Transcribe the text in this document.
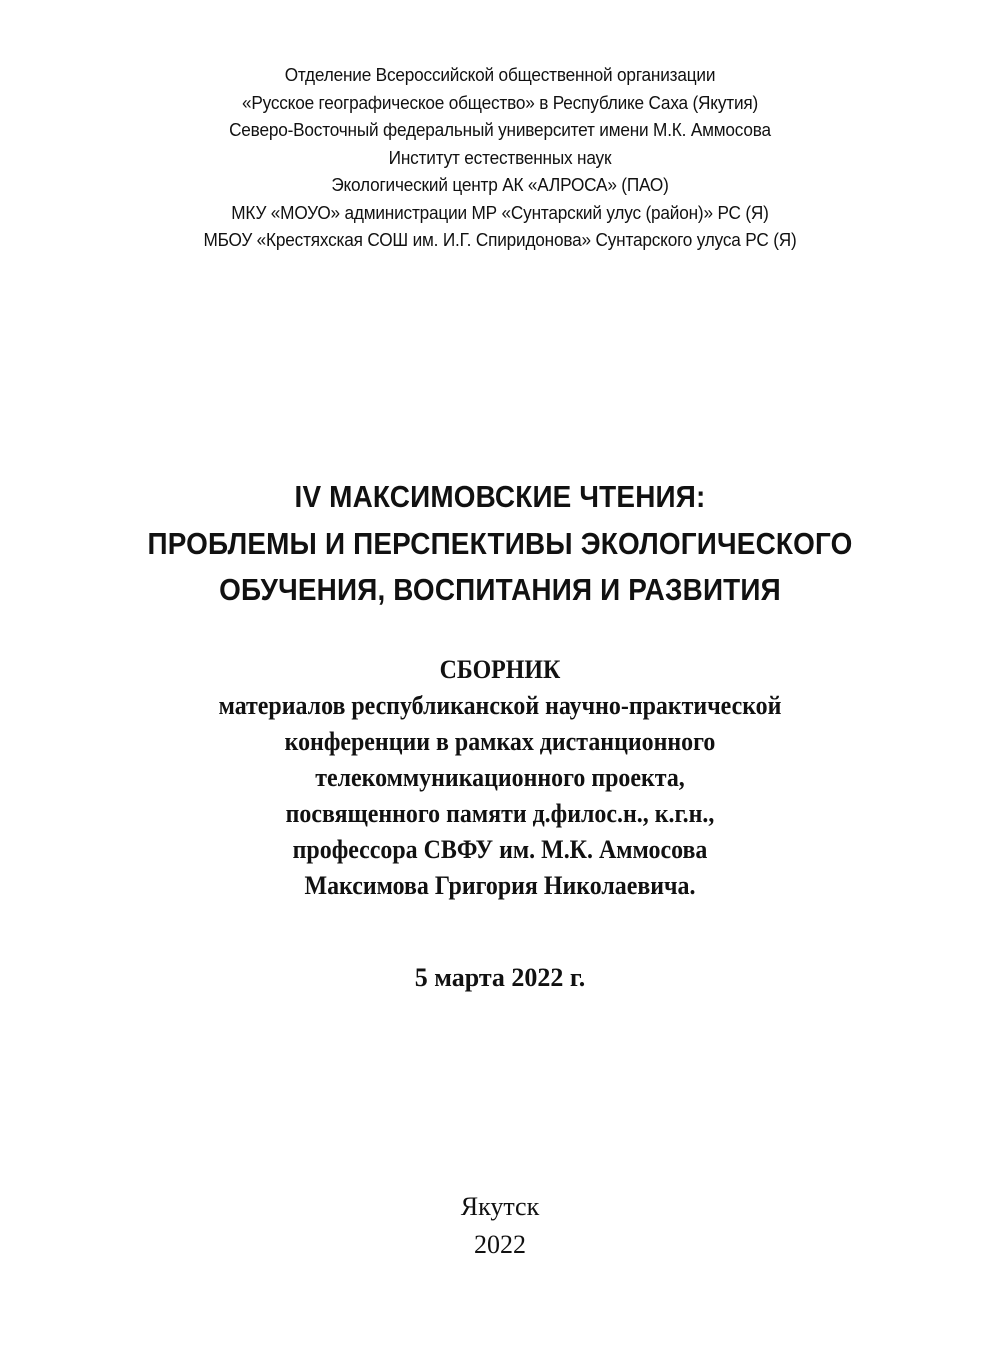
Отделение Всероссийской общественной организации
«Русское географическое общество» в Республике Саха (Якутия)
Северо-Восточный федеральный университет имени М.К. Аммосова
Институт естественных наук
Экологический центр АК «АЛРОСА» (ПАО)
МКУ «МОУО» администрации МР «Сунтарский улус (район)» РС (Я)
МБОУ «Крестяхская СОШ им. И.Г. Спиридонова» Сунтарского улуса РС (Я)
IV МАКСИМОВСКИЕ ЧТЕНИЯ:
ПРОБЛЕМЫ И ПЕРСПЕКТИВЫ ЭКОЛОГИЧЕСКОГО
ОБУЧЕНИЯ, ВОСПИТАНИЯ И РАЗВИТИЯ
СБОРНИК
материалов республиканской научно-практической
конференции в рамках дистанционного
телекоммуникационного проекта,
посвященного памяти д.филос.н., к.г.н.,
профессора СВФУ им. М.К. Аммосова
Максимова Григория Николаевича.
5 марта 2022 г.
Якутск
2022
